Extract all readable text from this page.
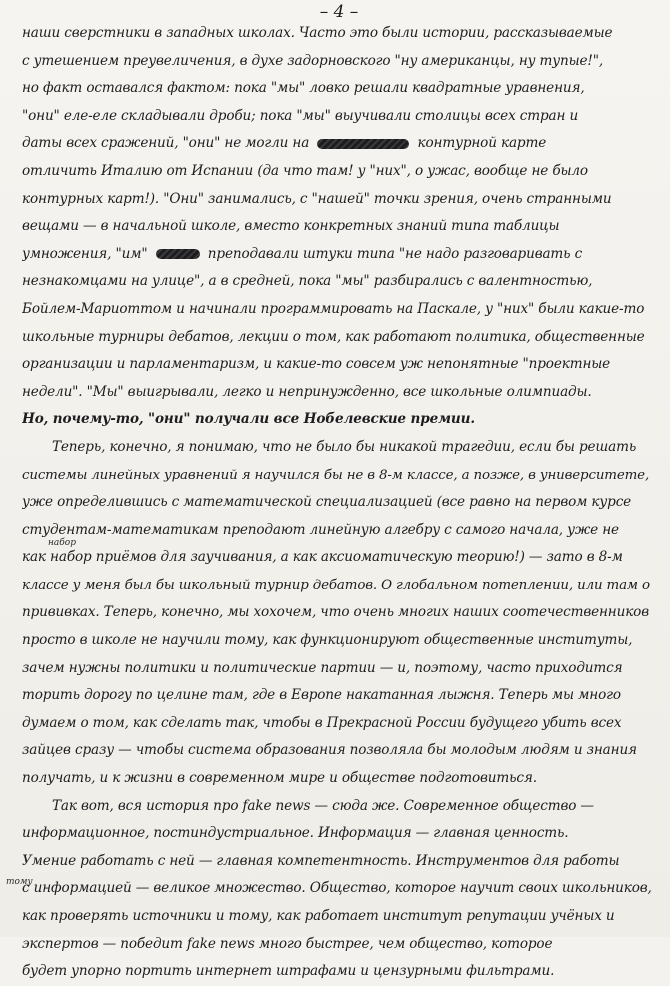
– 4 –
наши сверстники в западных школах. Часто это были истории, рассказываемые
с утешением преувеличения, в духе задорновского "ну американцы, ну тупые!",
но факт оставался фактом: пока "мы" ловко решали квадратные уравнения,
"они" еле-еле складывали дроби; пока "мы" выучивали столицы всех стран и
даты всех сражений, "они" не могли на	контурной карте
отличить Италию от Испании (да что там! у "них", о ужас, вообще не было
контурных карт!). "Они" занимались, с "нашей" точки зрения, очень странными
вещами — в начальной школе, вместо конкретных знаний типа таблицы
умножения, "им"	преподавали штуки типа "не надо разговаривать с
незнакомцами на улице", а в средней, пока "мы" разбирались с валентностью,
Бойлем-Мариоттом и начинали программировать на Паскале, у "них" были какие-то
школьные турниры дебатов, лекции о том, как работают политика, общественные
организации и парламентаризм, и какие-то совсем уж непонятные "проектные
недели". "Мы" выигрывали, легко и непринужденно, все школьные олимпиады.
Но, почему-то, "они" получали все Нобелевские премии.
Теперь, конечно, я понимаю, что не было бы никакой трагедии, если бы решать
системы линейных уравнений я научился бы не в 8-м классе, а позже, в университете,
уже определившись с математической специализацией (все равно на первом курсе
студентам-математикам преподают линейную алгебру с самого начала, уже не
как набор приёмов для заучивания, а как аксиоматическую теорию!) — зато в 8-м
классе у меня был бы школьный турнир дебатов. О глобальном потеплении, или там о
прививках. Теперь, конечно, мы хохочем, что очень многих наших соотечественников
просто в школе не научили тому, как функционируют общественные институты,
зачем нужны политики и политические партии — и, поэтому, часто приходится
торить дорогу по целине там, где в Европе накатанная лыжня. Теперь мы много
думаем о том, как сделать так, чтобы в Прекрасной России будущего убить всех
зайцев сразу — чтобы система образования позволяла бы молодым людям и знания
получать, и к жизни в современном мире и обществе подготовиться.
Так вот, вся история про fake news — сюда же. Современное общество —
информационное, постиндустриальное. Информация — главная ценность.
Умение работать с ней — главная компетентность. Инструментов для работы
с информацией — великое множество. Общество, которое научит своих школьников,
как проверять источники и тому, как работает институт репутации учёных и
экспертов — победит fake news много быстрее, чем общество, которое
будет упорно портить интернет штрафами и цензурными фильтрами.
набор
тому
